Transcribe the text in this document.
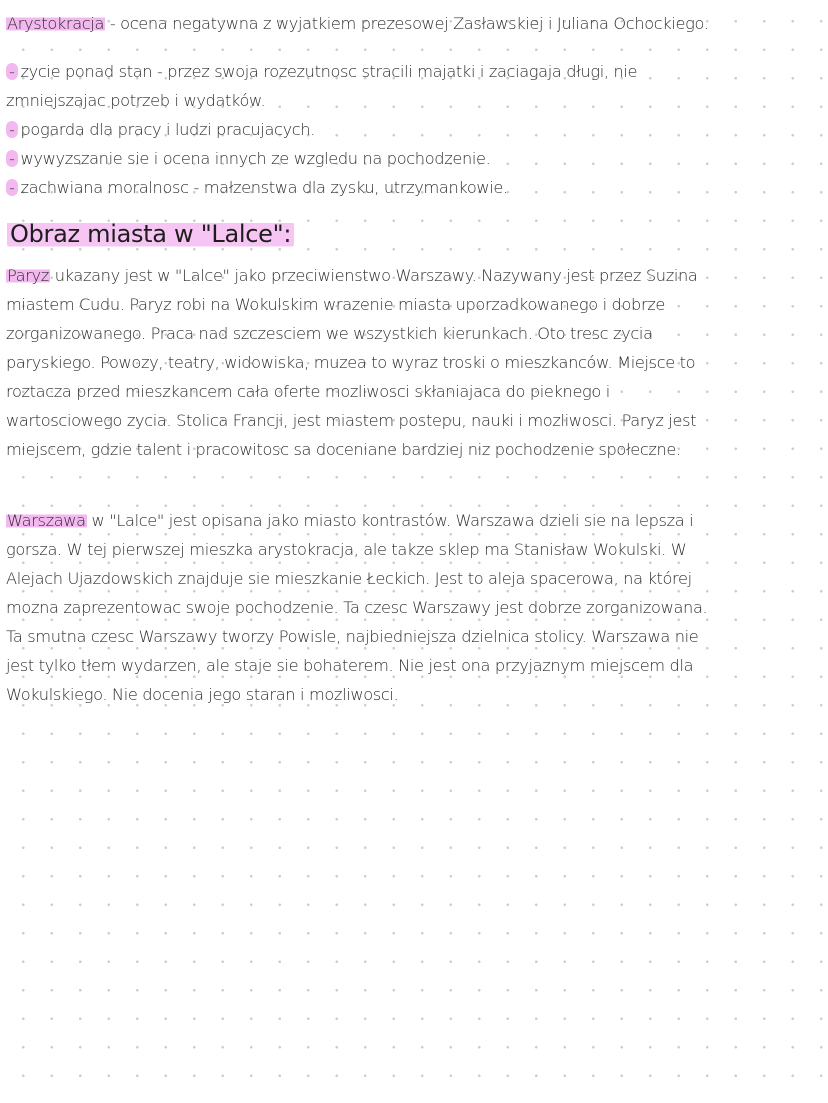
Arystokracja - ocena negatywna z wyjatkiem prezesowej Zasławskiej i Juliana Ochockiego.
- zycie ponad stan - przez swoja rozezutnosc stracili majatki i zaciagaja długi, nie
zmniejszajac potrzeb i wydatków.
- pogarda dla pracy i ludzi pracujacych.
- wywyzszanie sie i ocena innych ze wzgledu na pochodzenie.
- zachwiana moralnosc - małzenstwa dla zysku, utrzymankowie.
Obraz miasta w "Lalce":
Paryz ukazany jest w "Lalce" jako przeciwienstwo Warszawy. Nazywany jest przez Suzina
miastem Cudu. Paryz robi na Wokulskim wrazenie miasta uporzadkowanego i dobrze
zorganizowanego. Praca nad szczesciem we wszystkich kierunkach. Oto tresc zycia
paryskiego. Powozy, teatry, widowiska, muzea to wyraz troski o mieszkanców. Miejsce to
roztacza przed mieszkancem cała oferte mozliwosci skłaniajaca do pieknego i
wartosciowego zycia. Stolica Francji, jest miastem postepu, nauki i mozliwosci. Paryz jest
miejscem, gdzie talent i pracowitosc sa doceniane bardziej niz pochodzenie społeczne.
Warszawa w "Lalce" jest opisana jako miasto kontrastów. Warszawa dzieli sie na lepsza i
gorsza. W tej pierwszej mieszka arystokracja, ale takze sklep ma Stanisław Wokulski. W
Alejach Ujazdowskich znajduje sie mieszkanie Łeckich. Jest to aleja spacerowa, na której
mozna zaprezentowac swoje pochodzenie. Ta czesc Warszawy jest dobrze zorganizowana.
Ta smutna czesc Warszawy tworzy Powisle, najbiedniejsza dzielnica stolicy. Warszawa nie
jest tylko tłem wydarzen, ale staje sie bohaterem. Nie jest ona przyjaznym miejscem dla
Wokulskiego. Nie docenia jego staran i mozliwosci.
